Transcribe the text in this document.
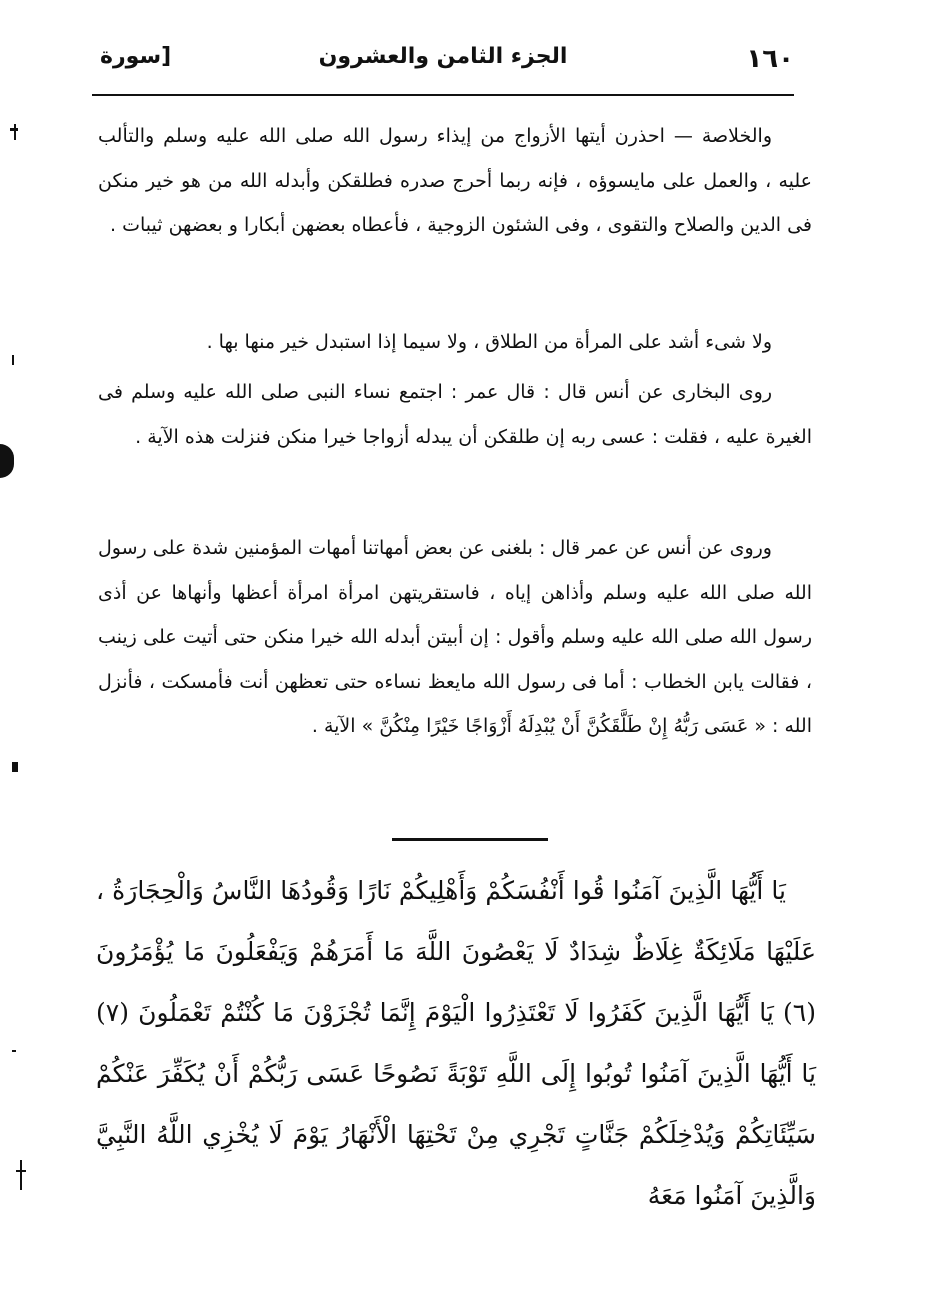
١٦٠
الجزء الثامن والعشرون
[سورة
والخلاصة — احذرن أيتها الأزواج من إيذاء رسول الله صلى الله عليه وسلم والتألب عليه ، والعمل على مايسوؤه ، فإنه ربما أحرج صدره فطلقكن وأبدله الله من هو خير منكن فى الدين والصلاح والتقوى ، وفى الشئون الزوجية ، فأعطاه بعضهن أبكارا و بعضهن ثيبات .
ولا شىء أشد على المرأة من الطلاق ، ولا سيما إذا استبدل خير منها بها .
روى البخارى عن أنس قال : قال عمر : اجتمع نساء النبى صلى الله عليه وسلم فى الغيرة عليه ، فقلت : عسى ربه إن طلقكن أن يبدله أزواجا خيرا منكن فنزلت هذه الآية .
وروى عن أنس عن عمر قال : بلغنى عن بعض أمهاتنا أمهات المؤمنين شدة على رسول الله صلى الله عليه وسلم وأذاهن إياه ، فاستقريتهن امرأة امرأة أعظها وأنهاها عن أذى رسول الله صلى الله عليه وسلم وأقول : إن أبيتن أبدله الله خيرا منكن حتى أتيت على زينب ، فقالت يابن الخطاب : أما فى رسول الله مايعظ نساءه حتى تعظهن أنت فأمسكت ، فأنزل الله : « عَسَى رَبُّهُ إِنْ طَلَّقَكُنَّ أَنْ يُبْدِلَهُ أَزْوَاجًا خَيْرًا مِنْكُنَّ » الآية .
يَا أَيُّهَا الَّذِينَ آمَنُوا قُوا أَنْفُسَكُمْ وَأَهْلِيكُمْ نَارًا وَقُودُهَا النَّاسُ وَالْحِجَارَةُ ، عَلَيْهَا مَلَائِكَةٌ غِلَاظٌ شِدَادٌ لَا يَعْصُونَ اللَّهَ مَا أَمَرَهُمْ وَيَفْعَلُونَ مَا يُؤْمَرُونَ (٦) يَا أَيُّهَا الَّذِينَ كَفَرُوا لَا تَعْتَذِرُوا الْيَوْمَ إِنَّمَا تُجْزَوْنَ مَا كُنْتُمْ تَعْمَلُونَ (٧) يَا أَيُّهَا الَّذِينَ آمَنُوا تُوبُوا إِلَى اللَّهِ تَوْبَةً نَصُوحًا عَسَى رَبُّكُمْ أَنْ يُكَفِّرَ عَنْكُمْ سَيِّئَاتِكُمْ وَيُدْخِلَكُمْ جَنَّاتٍ تَجْرِي مِنْ تَحْتِهَا الْأَنْهَارُ يَوْمَ لَا يُخْزِي اللَّهُ النَّبِيَّ وَالَّذِينَ آمَنُوا مَعَهُ
